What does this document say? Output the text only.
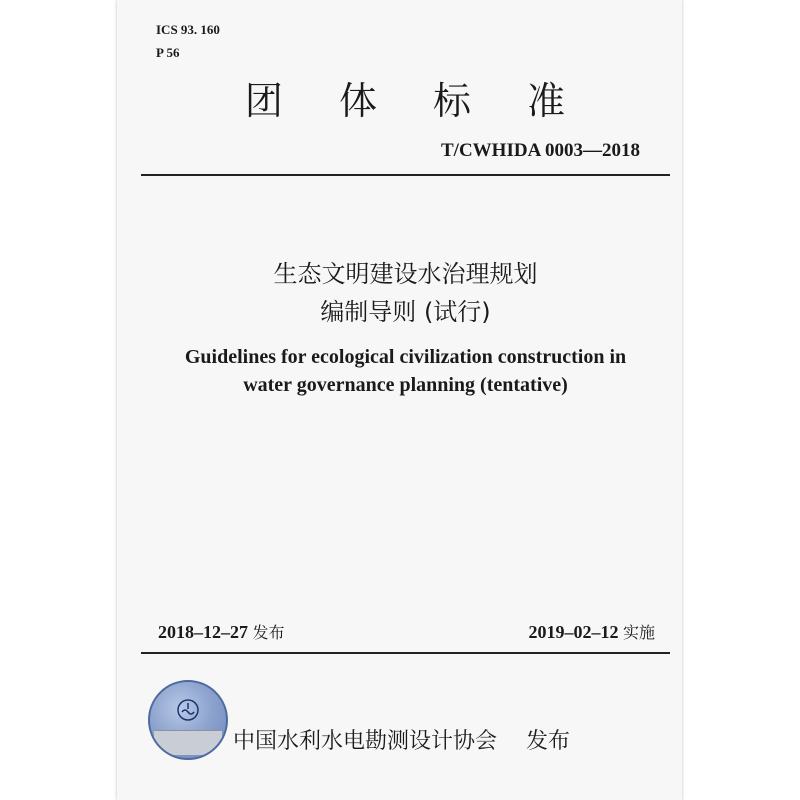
ICS 93. 160
P 56
团 体 标 准
T/CWHIDA 0003—2018
生态文明建设水治理规划
编制导则 (试行)
Guidelines for ecological civilization construction in
water governance planning (tentative)
2018–12–27 发布	2019–02–12 实施
中国水利水电勘测设计协会 发布
